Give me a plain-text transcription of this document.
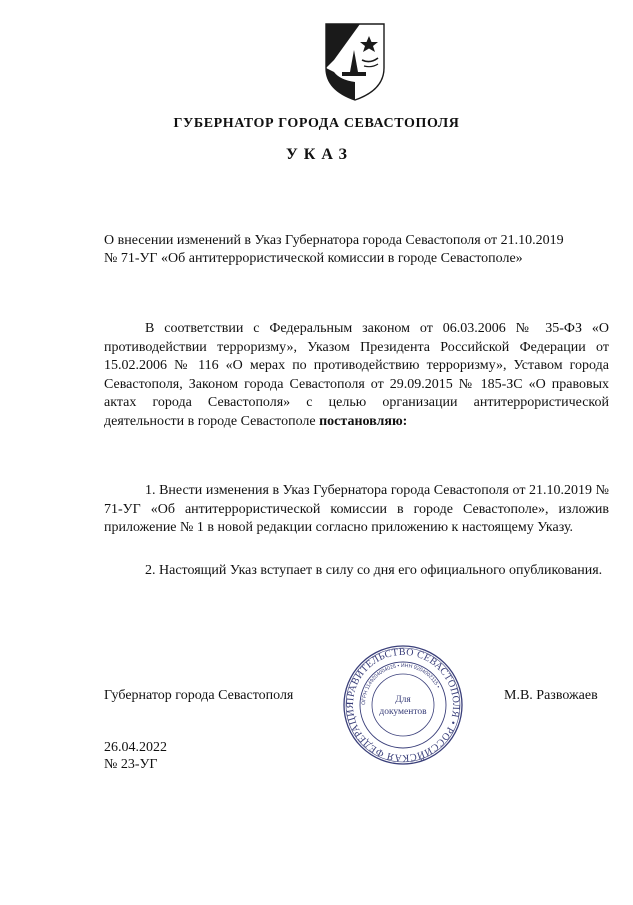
ГУБЕРНАТОР ГОРОДА СЕВАСТОПОЛЯ
УКАЗ
О внесении изменений в Указ Губернатора города Севастополя от 21.10.2019
№ 71-УГ «Об антитеррористической комиссии в городе Севастополе»

В соответствии с Федеральным законом от 06.03.2006 № 35-ФЗ «О противодействии терроризму», Указом Президента Российской Федерации от 15.02.2006 № 116 «О мерах по противодействию терроризму», Уставом города Севастополя, Законом города Севастополя от 29.09.2015 № 185-ЗС «О правовых актах города Севастополя» с целью организации антитеррористической деятельности в городе Севастополе постановляю:

1. Внести изменения в Указ Губернатора города Севастополя от 21.10.2019 № 71-УГ «Об антитеррористической комиссии в городе Севастополе», изложив приложение № 1 в новой редакции согласно приложению к настоящему Указу.

2. Настоящий Указ вступает в силу со дня его официального опубликования.

Губернатор города Севастополя	ПРАВИТЕЛЬСТВО СЕВАСТОПОЛЯ • РОССИЙСКАЯ ФЕДЕРАЦИЯ ОГРН 1149204004025 • ИНН 9204002115 •
Для
документов
М.В. Развожаев
26.04.2022
№ 23-УГ
